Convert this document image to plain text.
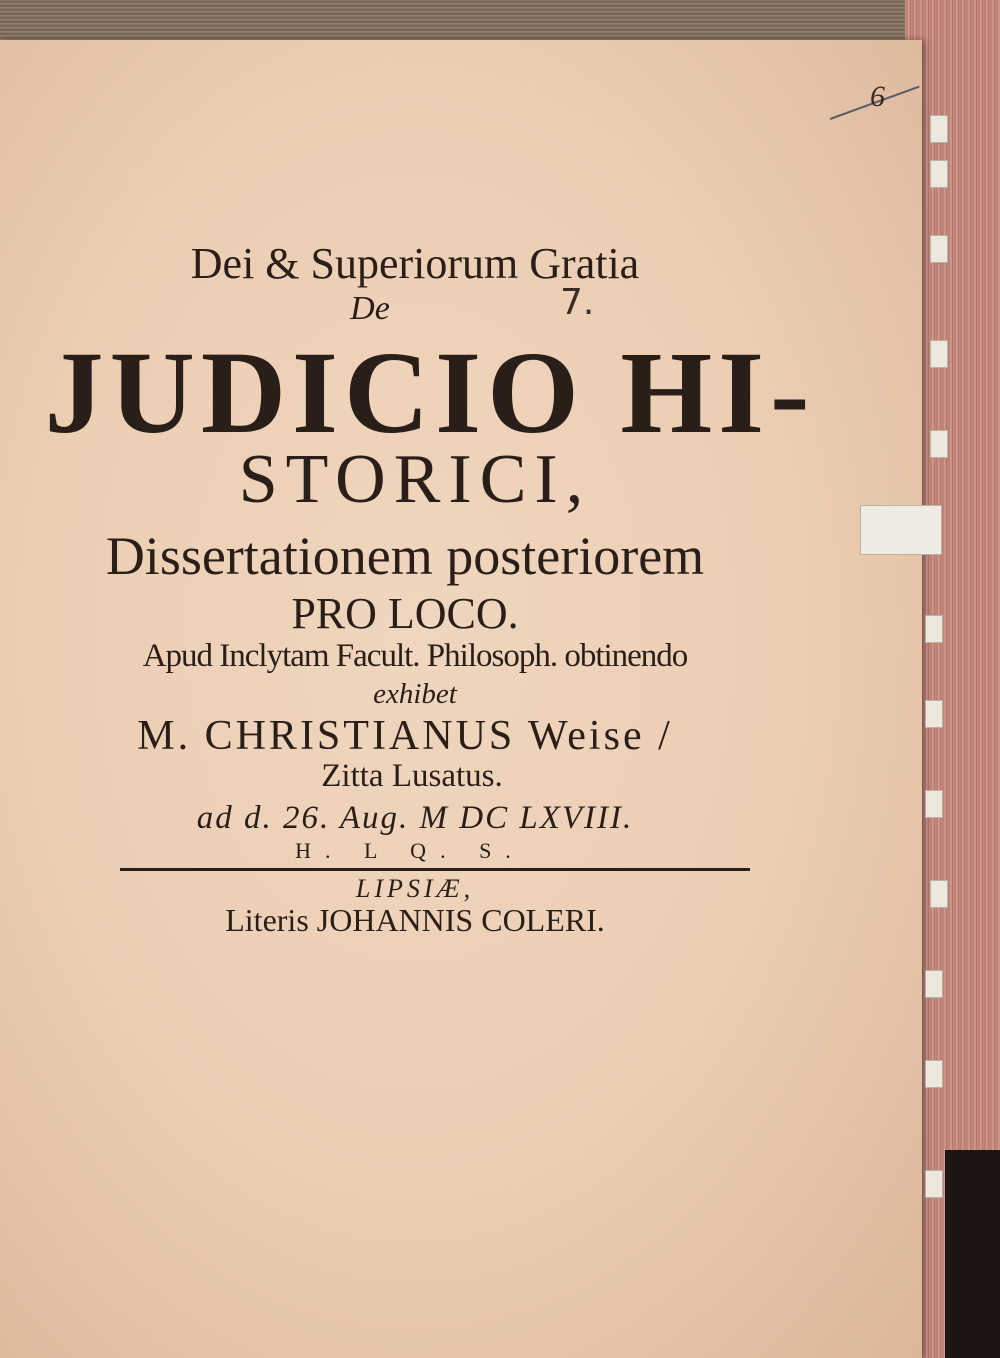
6
7.
Dei & Superiorum Gratia
De
JUDICIO HI-
STORICI,
Dissertationem posteriorem
PRO LOCO.
Apud Inclytam Facult. Philosoph. obtinendo
exhibet
M. CHRISTIANUS Weise /
Zitta Lusatus.
ad d. 26. Aug. M DC LXVIII.
H. L Q. S.
LIPSIÆ,
Literis JOHANNIS COLERI.
